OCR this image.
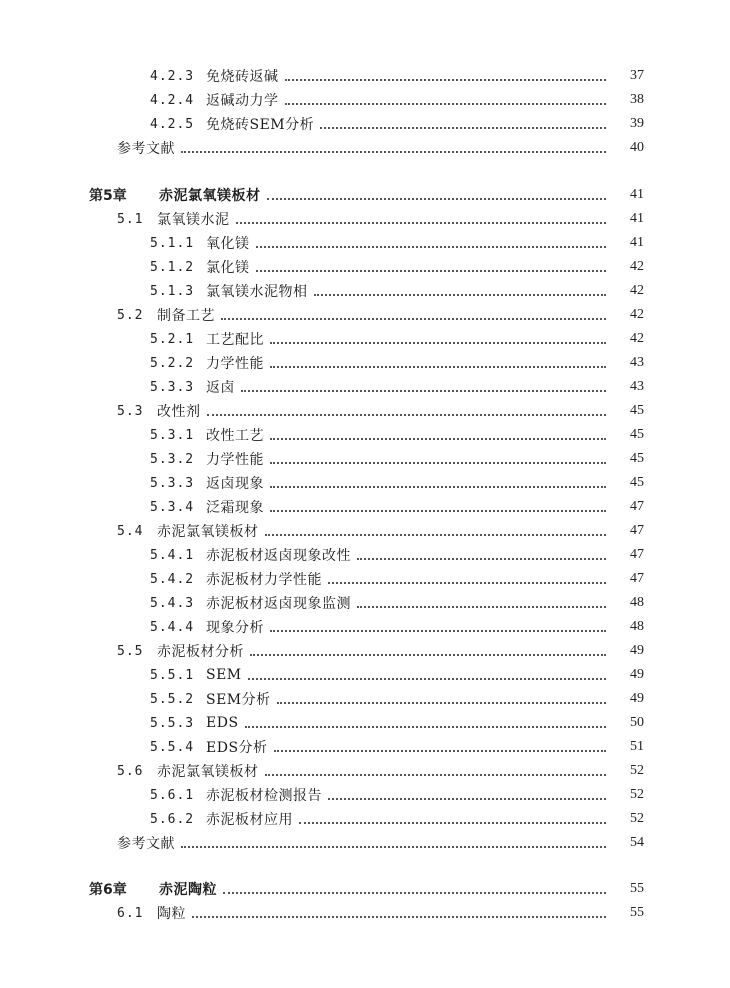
4.2.3 免烧砖返碱	37
4.2.4 返碱动力学	38
4.2.5 免烧砖SEM分析	39
参考文献	40
第5章	赤泥氯氧镁板材	41
5.1 氯氧镁水泥	41
5.1.1 氧化镁	41
5.1.2 氯化镁	42
5.1.3 氯氧镁水泥物相	42
5.2 制备工艺	42
5.2.1 工艺配比	42
5.2.2 力学性能	43
5.3.3 返卤	43
5.3 改性剂	45
5.3.1 改性工艺	45
5.3.2 力学性能	45
5.3.3 返卤现象	45
5.3.4 泛霜现象	47
5.4 赤泥氯氧镁板材	47
5.4.1 赤泥板材返卤现象改性	47
5.4.2 赤泥板材力学性能	47
5.4.3 赤泥板材返卤现象监测	48
5.4.4 现象分析	48
5.5 赤泥板材分析	49
5.5.1 SEM	49
5.5.2 SEM分析	49
5.5.3 EDS	50
5.5.4 EDS分析	51
5.6 赤泥氯氧镁板材	52
5.6.1 赤泥板材检测报告	52
5.6.2 赤泥板材应用	52
参考文献	54
第6章	赤泥陶粒	55
6.1 陶粒	55
